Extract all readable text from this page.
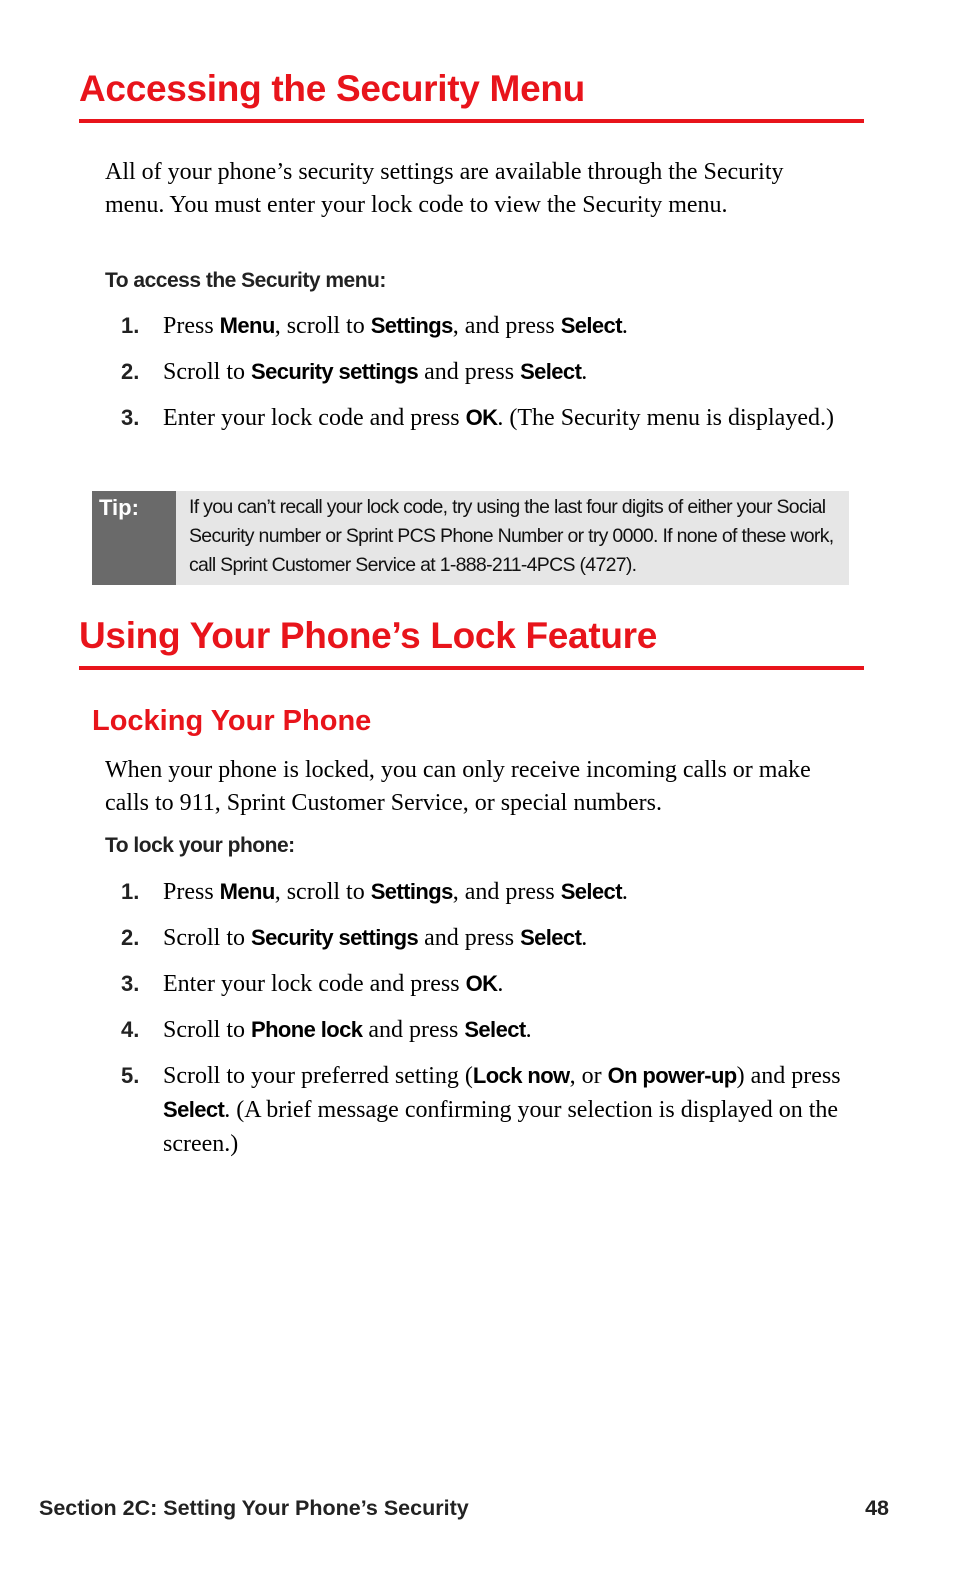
Accessing the Security Menu

All of your phone’s security settings are available through the Security menu. You must enter your lock code to view the Security menu.

To access the Security menu:

1. Press Menu, scroll to Settings, and press Select.
2. Scroll to Security settings and press Select.
3. Enter your lock code and press OK. (The Security menu is displayed.)
Tip:	If you can’t recall your lock code, try using the last four digits of either your Social Security number or Sprint PCS Phone Number or try 0000. If none of these work, call Sprint Customer Service at 1-888-211-4PCS (4727).
Using Your Phone’s Lock Feature
Locking Your Phone

When your phone is locked, you can only receive incoming calls or make calls to 911, Sprint Customer Service, or special numbers.

To lock your phone:

1. Press Menu, scroll to Settings, and press Select.
2. Scroll to Security settings and press Select.
3. Enter your lock code and press OK.
4. Scroll to Phone lock and press Select.
5. Scroll to your preferred setting (Lock now, or On power-up) and press Select. (A brief message confirming your selection is displayed on the screen.)
Section 2C: Setting Your Phone’s Security	48
